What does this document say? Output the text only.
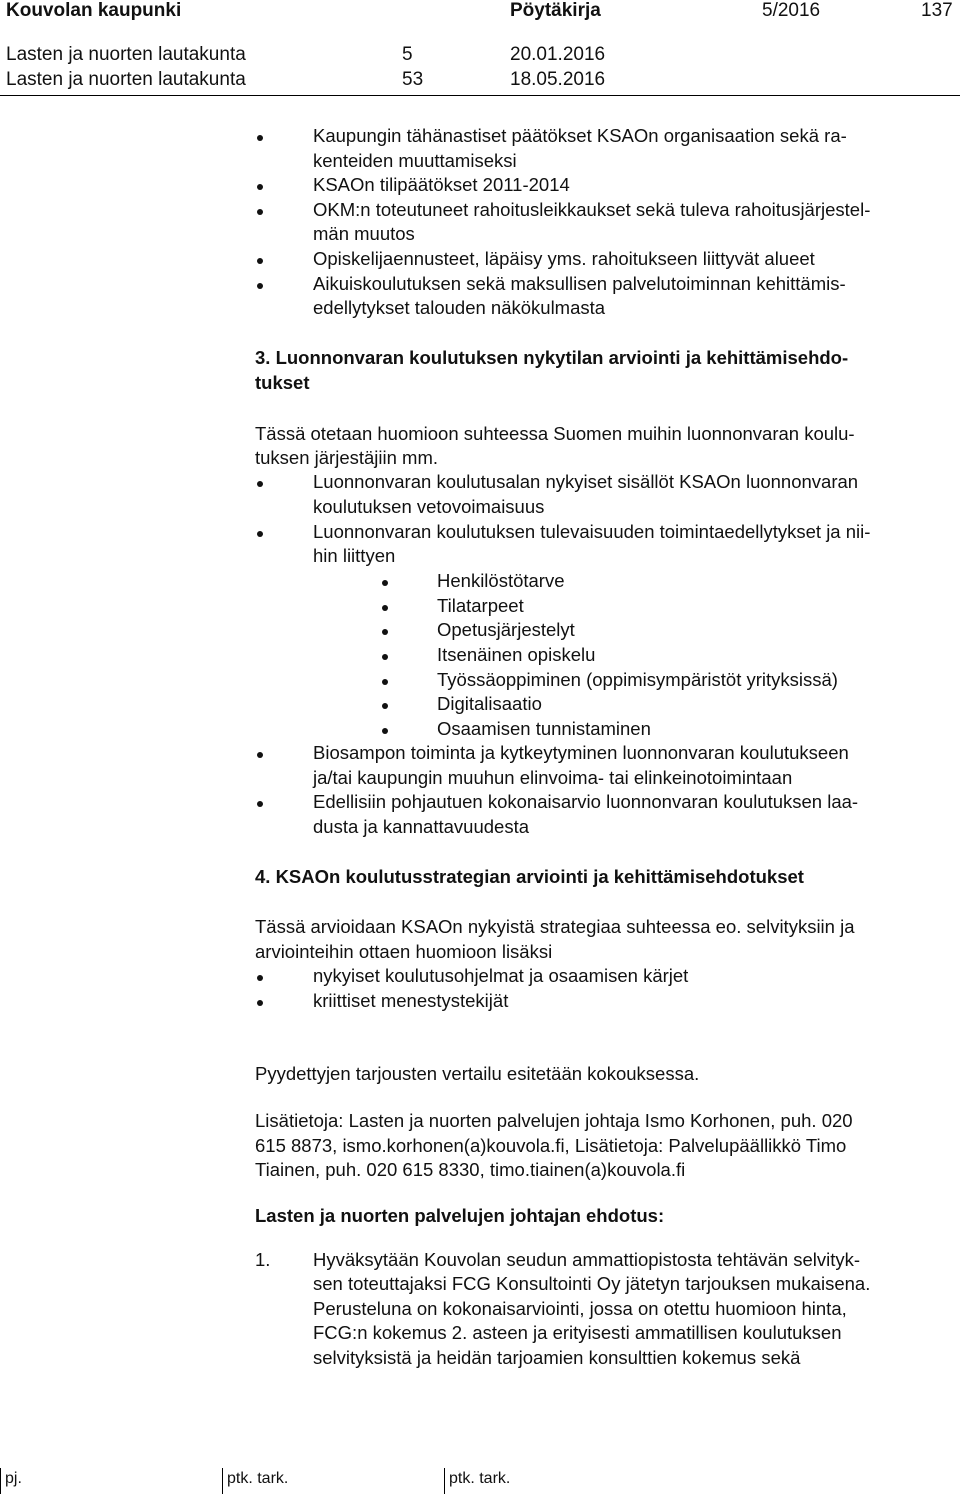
Kouvolan kaupunki	Pöytäkirja	5/2016	137
Lasten ja nuorten lautakunta	5	20.01.2016
Lasten ja nuorten lautakunta	53	18.05.2016
Kaupungin tähänastiset päätökset KSAOn organisaation sekä ra-
kenteiden muuttamiseksi
KSAOn tilipäätökset 2011-2014
OKM:n toteutuneet rahoitusleikkaukset sekä tuleva rahoitusjärjestel-
män muutos
Opiskelijaennusteet, läpäisy yms. rahoitukseen liittyvät alueet
Aikuiskoulutuksen sekä maksullisen palvelutoiminnan kehittämis-
edellytykset talouden näkökulmasta
3. Luonnonvaran koulutuksen nykytilan arviointi ja kehittämisehdo-
tukset
Tässä otetaan huomioon suhteessa Suomen muihin luonnonvaran koulu-
tuksen järjestäjiin mm.
Luonnonvaran koulutusalan nykyiset sisällöt KSAOn luonnonvaran
koulutuksen vetovoimaisuus
Luonnonvaran koulutuksen tulevaisuuden toimintaedellytykset ja nii-
hin liittyen
Henkilöstötarve
Tilatarpeet
Opetusjärjestelyt
Itsenäinen opiskelu
Työssäoppiminen (oppimisympäristöt yrityksissä)
Digitalisaatio
Osaamisen tunnistaminen
Biosampon toiminta ja kytkeytyminen luonnonvaran koulutukseen
ja/tai kaupungin muuhun elinvoima- tai elinkeinotoimintaan
Edellisiin pohjautuen kokonaisarvio luonnonvaran koulutuksen laa-
dusta ja kannattavuudesta
4. KSAOn koulutusstrategian arviointi ja kehittämisehdotukset
Tässä arvioidaan KSAOn nykyistä strategiaa suhteessa eo. selvityksiin ja
arviointeihin ottaen huomioon lisäksi
nykyiset koulutusohjelmat ja osaamisen kärjet
kriittiset menestystekijät
Pyydettyjen tarjousten vertailu esitetään kokouksessa.
Lisätietoja: Lasten ja nuorten palvelujen johtaja Ismo Korhonen, puh. 020
615 8873, ismo.korhonen(a)kouvola.fi, Lisätietoja: Palvelupäällikkö Timo
Tiainen, puh. 020 615 8330, timo.tiainen(a)kouvola.fi
Lasten ja nuorten palvelujen johtajan ehdotus:
1. Hyväksytään Kouvolan seudun ammattiopistosta tehtävän selvityk-
sen toteuttajaksi FCG Konsultointi Oy jätetyn tarjouksen mukaisena.
Perusteluna on kokonaisarviointi, jossa on otettu huomioon hinta,
FCG:n kokemus 2. asteen ja erityisesti ammatillisen koulutuksen
selvityksistä ja heidän tarjoamien konsulttien kokemus sekä
pj.	ptk. tark.	ptk. tark.
